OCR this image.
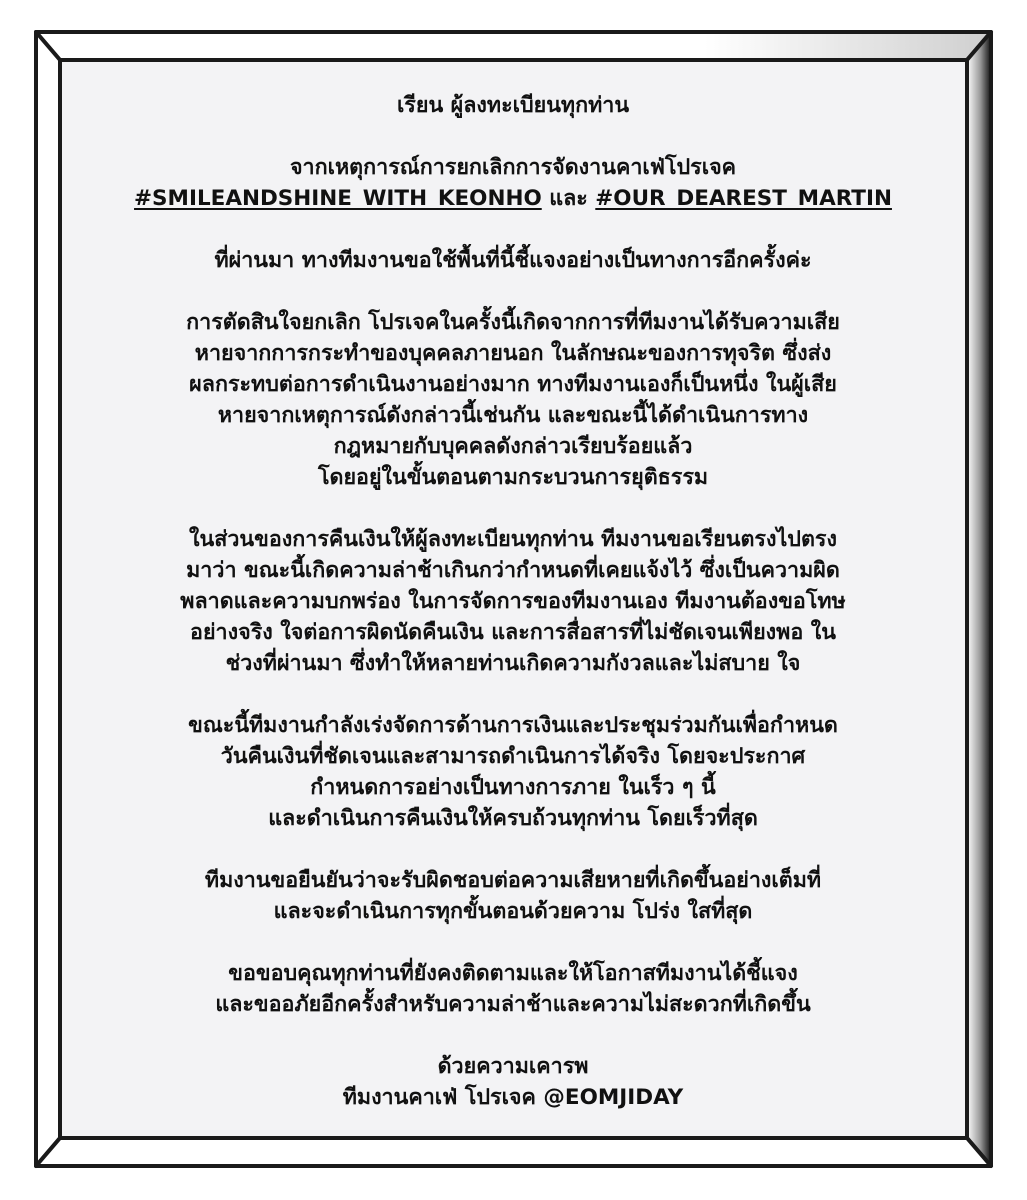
เรียน ผู้ลงทะเบียนทุกท่าน

จากเหตุการณ์การยกเลิกการจัดงานคาเฟ่โปรเจค
#SMILEANDSHINE_WITH_KEONHO และ #OUR_DEAREST_MARTIN

ที่ผ่านมา ทางทีมงานขอใช้พื้นที่นี้ชี้แจงอย่างเป็นทางการอีกครั้งค่ะ

การตัดสินใจยกเลิก โปรเจคในครั้งนี้เกิดจากการที่ทีมงานได้รับความเสีย
หายจากการกระทำของบุคคลภายนอก ในลักษณะของการทุจริต ซึ่งส่ง
ผลกระทบต่อการดำเนินงานอย่างมาก ทางทีมงานเองก็เป็นหนึ่ง ในผู้เสีย
หายจากเหตุการณ์ดังกล่าวนี้เช่นกัน และขณะนี้ได้ดำเนินการทาง
กฎหมายกับบุคคลดังกล่าวเรียบร้อยแล้ว
โดยอยู่ในขั้นตอนตามกระบวนการยุติธรรม

ในส่วนของการคืนเงินให้ผู้ลงทะเบียนทุกท่าน ทีมงานขอเรียนตรงไปตรง
มาว่า ขณะนี้เกิดความล่าช้าเกินกว่ากำหนดที่เคยแจ้งไว้ ซึ่งเป็นความผิด
พลาดและความบกพร่อง ในการจัดการของทีมงานเอง ทีมงานต้องขอโทษ
อย่างจริง ใจต่อการผิดนัดคืนเงิน และการสื่อสารที่ไม่ชัดเจนเพียงพอ ใน
ช่วงที่ผ่านมา ซึ่งทำให้หลายท่านเกิดความกังวลและไม่สบาย ใจ

ขณะนี้ทีมงานกำลังเร่งจัดการด้านการเงินและประชุมร่วมกันเพื่อกำหนด
วันคืนเงินที่ชัดเจนและสามารถดำเนินการได้จริง โดยจะประกาศ
กำหนดการอย่างเป็นทางการภาย ในเร็ว ๆ นี้
และดำเนินการคืนเงินให้ครบถ้วนทุกท่าน โดยเร็วที่สุด

ทีมงานขอยืนยันว่าจะรับผิดชอบต่อความเสียหายที่เกิดขึ้นอย่างเต็มที่
และจะดำเนินการทุกขั้นตอนด้วยความ โปร่ง ใสที่สุด

ขอขอบคุณทุกท่านที่ยังคงติดตามและให้โอกาสทีมงานได้ชี้แจง
และขออภัยอีกครั้งสำหรับความล่าช้าและความไม่สะดวกที่เกิดขึ้น

ด้วยความเคารพ
ทีมงานคาเฟ่ โปรเจค @EOMJIDAY
